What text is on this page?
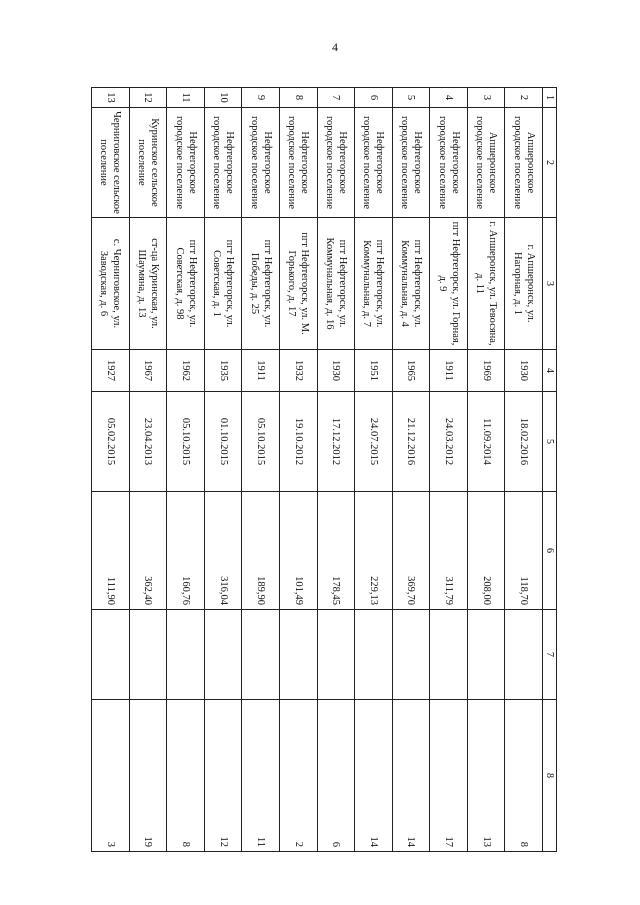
4
1	2	3	4	5	6	7	8	
2	Апшеронское городское поселение	г. Апшеронск, ул. Нагорная, д. 1	1930	18.02.2016	118,70		8	
3	Апшеронское городское поселение	г. Апшеронск, ул. Тевосяна, д. 11	1969	11.09.2014	208,00		13	
4	Нефтегорское городское поселение	пгт Нефтегорск, ул. Горная, д. 9	1911	24.03.2012	311,79		17	
5	Нефтегорское городское поселение	пгт Нефтегорск, ул. Коммунальная, д. 4	1965	21.12.2016	369,70		14	
6	Нефтегорское городское поселение	пгт Нефтегорск, ул. Коммунальная, д. 7	1951	24.07.2015	229,13		14	
7	Нефтегорское городское поселение	пгт Нефтегорск, ул. Коммунальная, д. 16	1930	17.12.2012	178,45		6	
8	Нефтегорское городское поселение	пгт Нефтегорск, ул. М. Горького, д. 17	1932	19.10.2012	101,49		2	
9	Нефтегорское городское поселение	пгт Нефтегорск, ул. Победы, д. 25	1911	05.10.2015	189,90		11	
10	Нефтегорское городское поселение	пгт Нефтегорск, ул. Советская, д. 1	1935	01.10.2015	316,04		12	
11	Нефтегорское городское поселение	пгт Нефтегорск, ул. Советская, д. 98	1962	05.10.2015	160,76		8	
12	Куринское сельское поселение	ст-ца Куринская, ул. Шаумяна, д. 13	1967	23.04.2013	362,40		19	
13	Черниговское сельское поселение	с. Черниговское, ул. Заводская, д. 6	1927	05.02.2015	111,90		3	
